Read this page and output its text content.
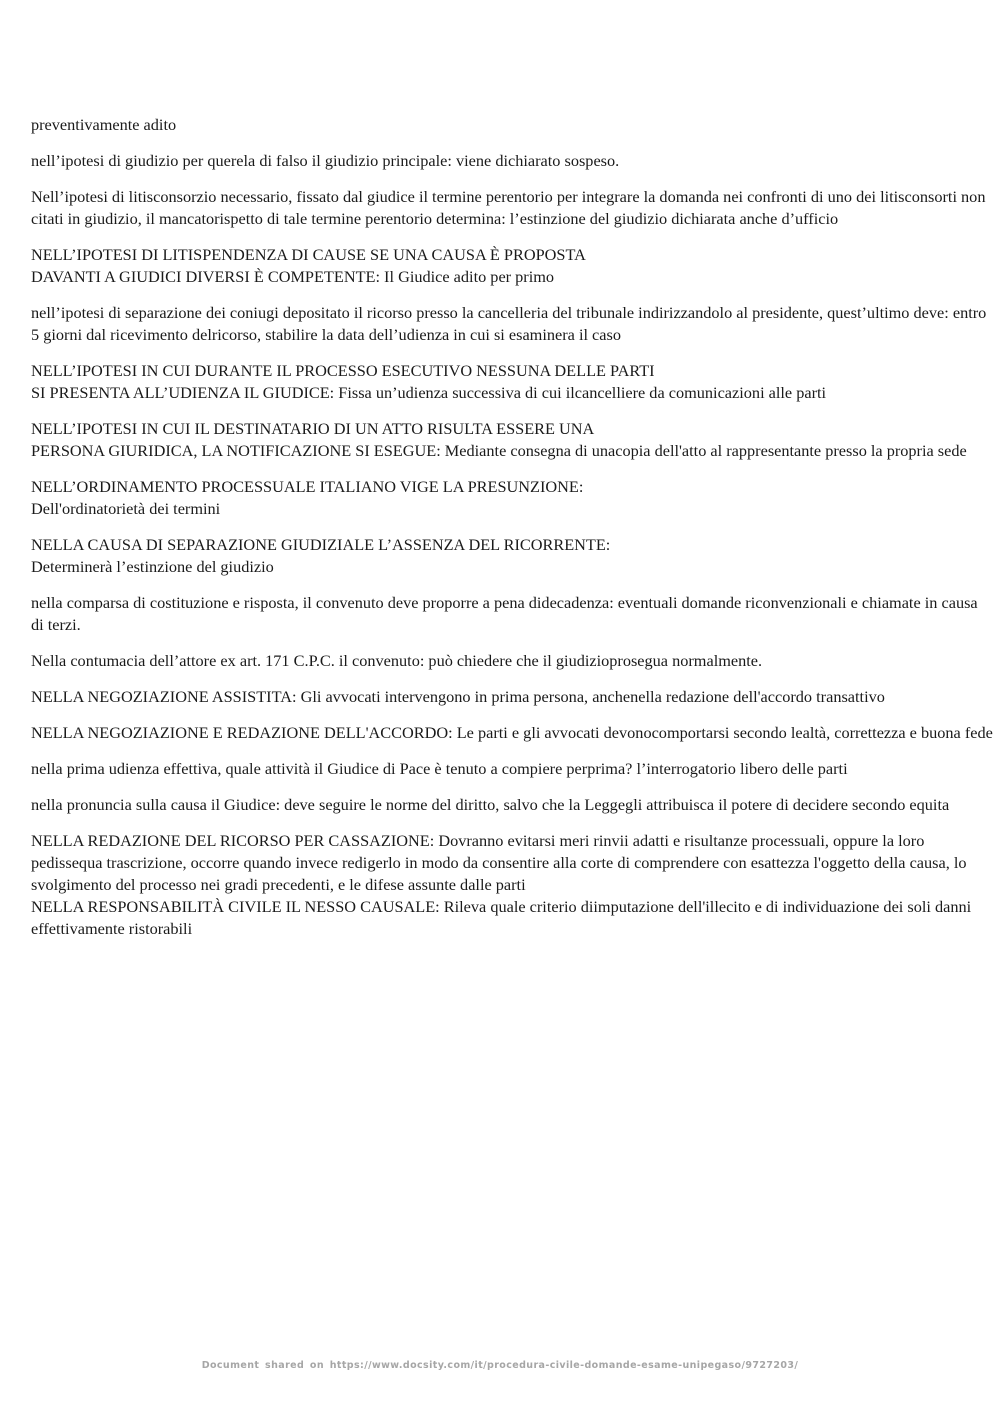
preventivamente adito

nell’ipotesi di giudizio per querela di falso il giudizio principale: viene dichiarato sospeso.

Nell’ipotesi di litisconsorzio necessario, fissato dal giudice il termine perentorio per integrare la domanda nei confronti di uno dei litisconsorti non citati in giudizio, il mancatorispetto di tale termine perentorio determina: l’estinzione del giudizio dichiarata anche d’ufficio

NELL’IPOTESI DI LITISPENDENZA DI CAUSE SE UNA CAUSA È PROPOSTA
DAVANTI A GIUDICI DIVERSI È COMPETENTE: Il Giudice adito per primo

nell’ipotesi di separazione dei coniugi depositato il ricorso presso la cancelleria del tribunale indirizzandolo al presidente, quest’ultimo deve: entro 5 giorni dal ricevimento delricorso, stabilire la data dell’udienza in cui si esaminera il caso

NELL’IPOTESI IN CUI DURANTE IL PROCESSO ESECUTIVO NESSUNA DELLE PARTI
SI PRESENTA ALL’UDIENZA IL GIUDICE: Fissa un’udienza successiva di cui ilcancelliere da comunicazioni alle parti

NELL’IPOTESI IN CUI IL DESTINATARIO DI UN ATTO RISULTA ESSERE UNA
PERSONA GIURIDICA, LA NOTIFICAZIONE SI ESEGUE: Mediante consegna di unacopia dell'atto al rappresentante presso la propria sede

NELL’ORDINAMENTO PROCESSUALE ITALIANO VIGE LA PRESUNZIONE:
Dell'ordinatorietà dei termini

NELLA CAUSA DI SEPARAZIONE GIUDIZIALE L’ASSENZA DEL RICORRENTE:
Determinerà l’estinzione del giudizio

nella comparsa di costituzione e risposta, il convenuto deve proporre a pena didecadenza: eventuali domande riconvenzionali e chiamate in causa di terzi.

Nella contumacia dell’attore ex art. 171 C.P.C. il convenuto: può chiedere che il giudizioprosegua normalmente.

NELLA NEGOZIAZIONE ASSISTITA: Gli avvocati intervengono in prima persona, anchenella redazione dell'accordo transattivo

NELLA NEGOZIAZIONE E REDAZIONE DELL'ACCORDO: Le parti e gli avvocati devonocomportarsi secondo lealtà, correttezza e buona fede

nella prima udienza effettiva, quale attività il Giudice di Pace è tenuto a compiere perprima? l’interrogatorio libero delle parti

nella pronuncia sulla causa il Giudice: deve seguire le norme del diritto, salvo che la Leggegli attribuisca il potere di decidere secondo equita

NELLA REDAZIONE DEL RICORSO PER CASSAZIONE: Dovranno evitarsi meri rinvii adatti e risultanze processuali, oppure la loro pedissequa trascrizione, occorre quando invece redigerlo in modo da consentire alla corte di comprendere con esattezza l'oggetto della causa, lo svolgimento del processo nei gradi precedenti, e le difese assunte dalle parti

NELLA RESPONSABILITÀ CIVILE IL NESSO CAUSALE: Rileva quale criterio diimputazione dell'illecito e di individuazione dei soli danni effettivamente ristorabili

Document shared on https://www.docsity.com/it/procedura-civile-domande-esame-unipegaso/9727203/
